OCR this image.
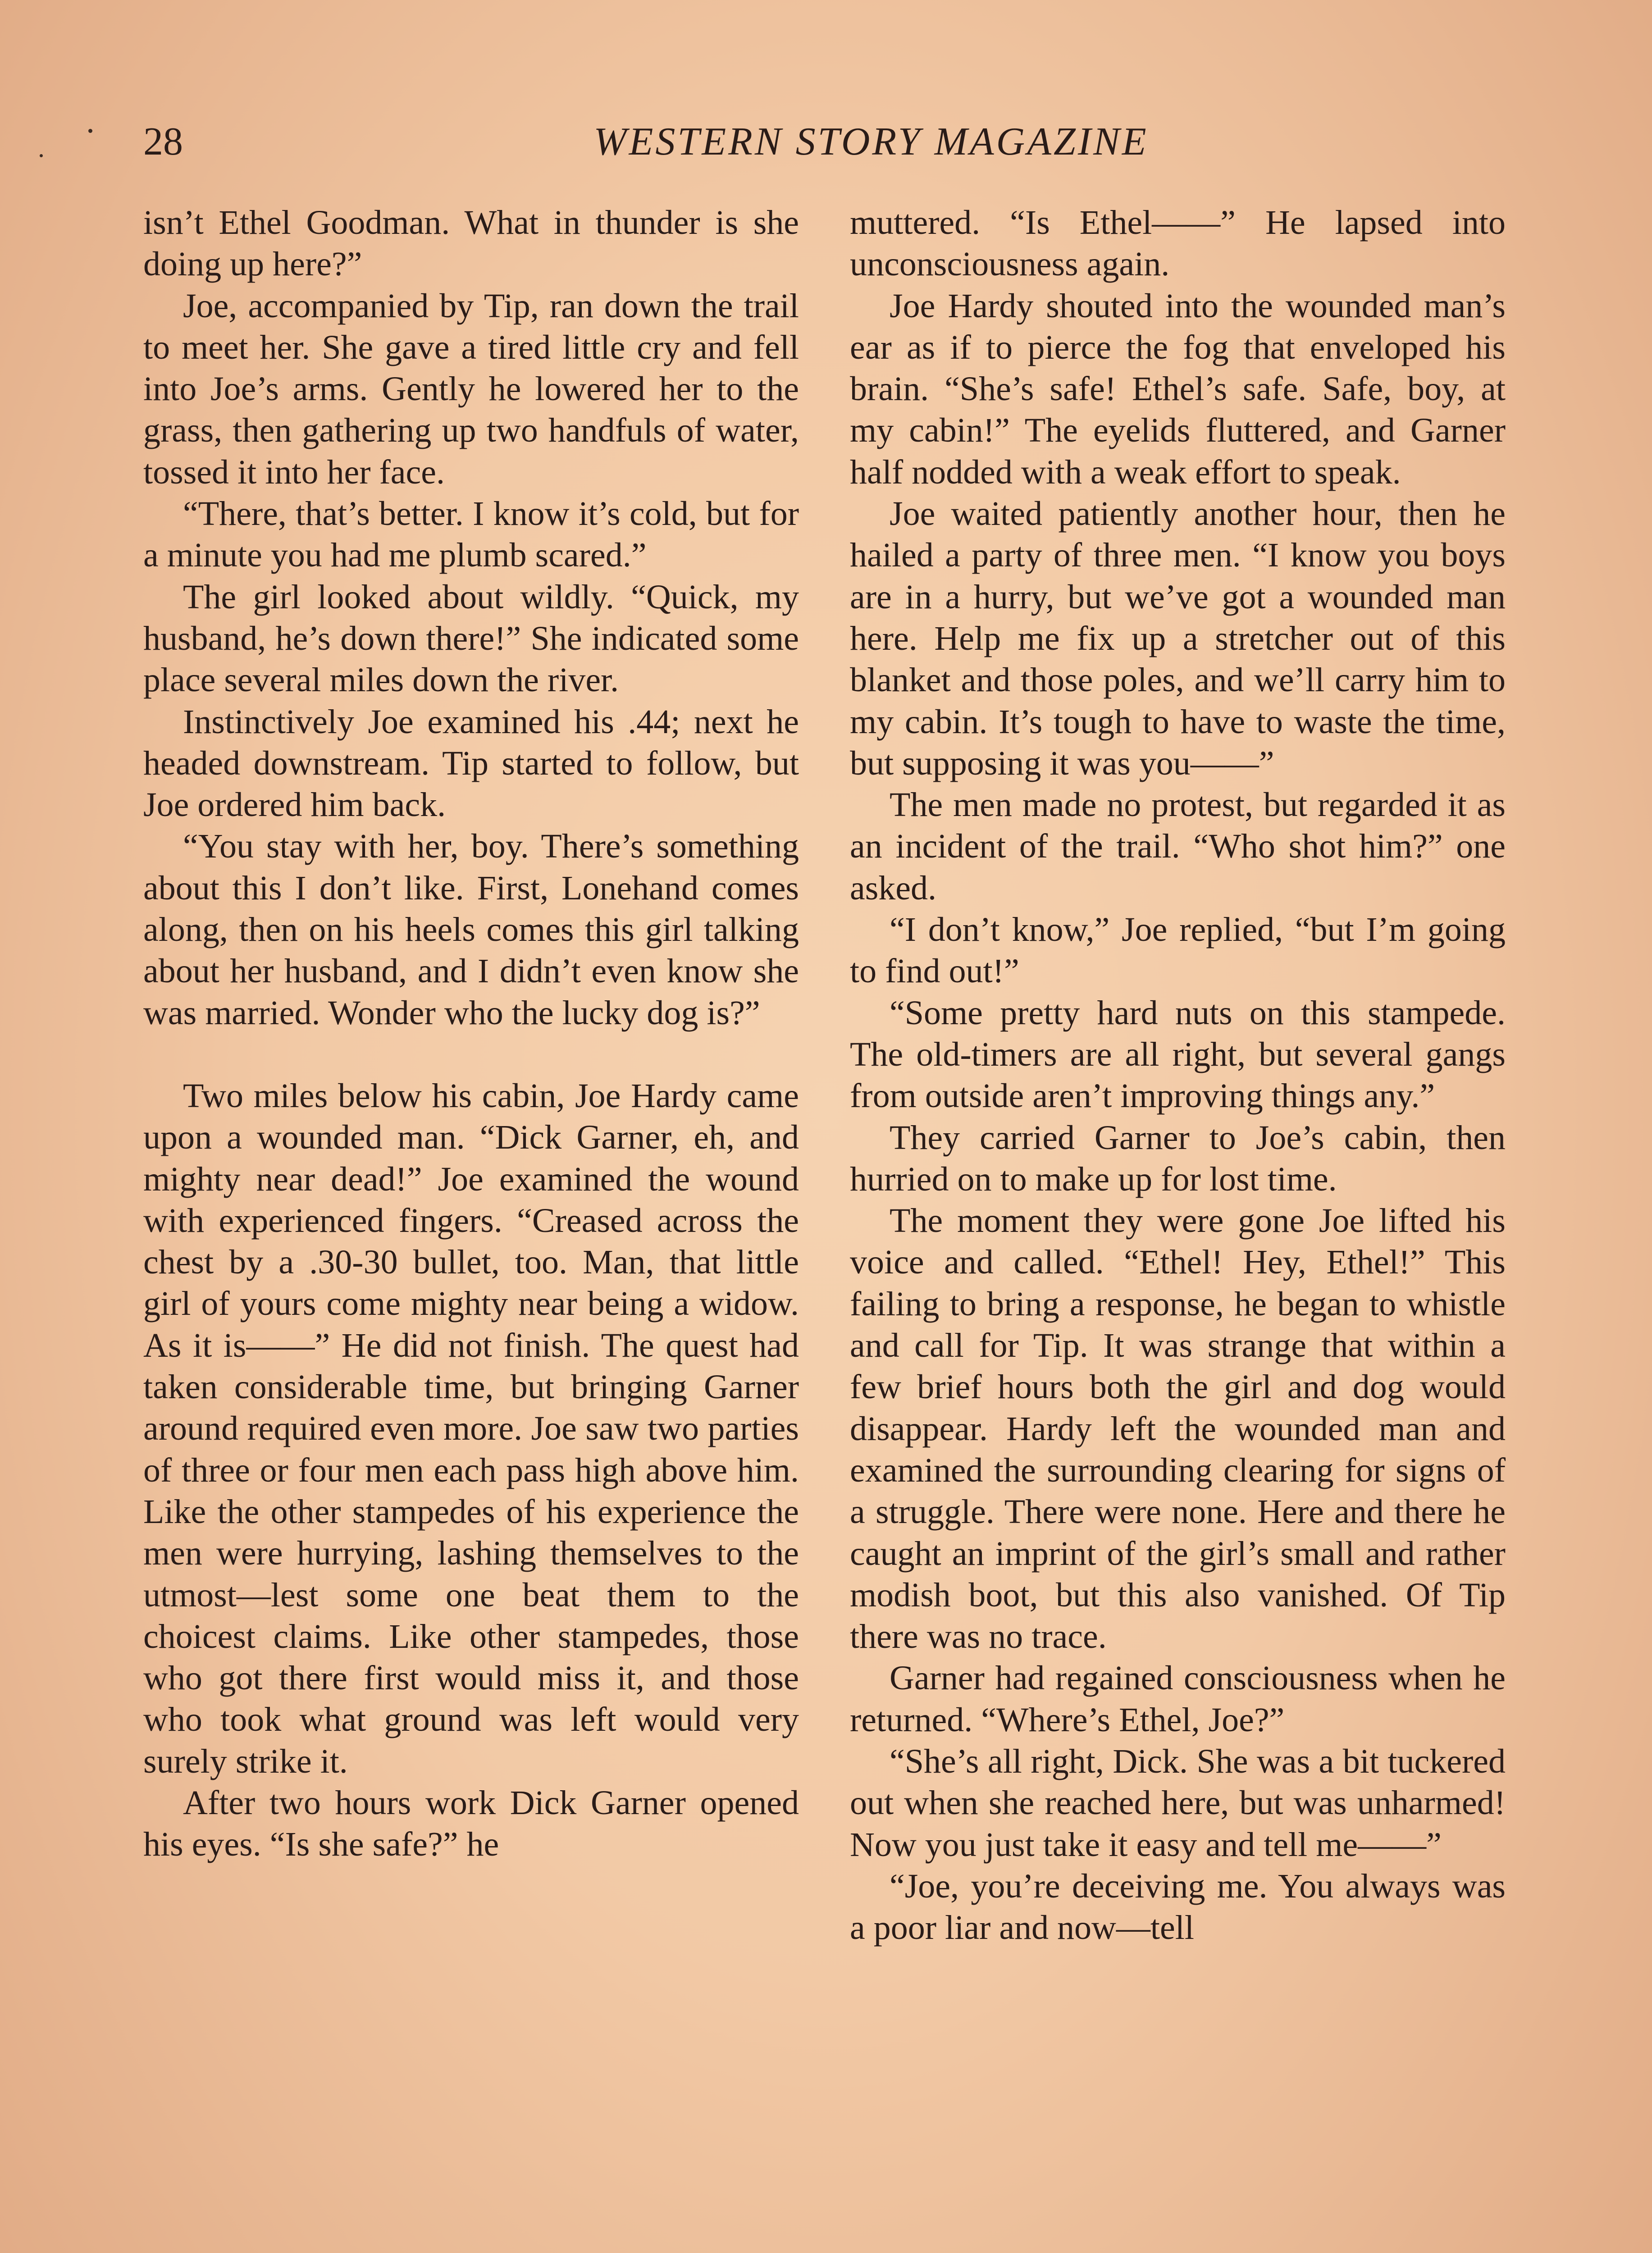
28	WESTERN STORY MAGAZINE

isn’t Ethel Goodman. What in thunder is she doing up here?”

Joe, accompanied by Tip, ran down the trail to meet her. She gave a tired little cry and fell into Joe’s arms. Gently he lowered her to the grass, then gathering up two handfuls of water, tossed it into her face.

“There, that’s better. I know it’s cold, but for a minute you had me plumb scared.”

The girl looked about wildly. “Quick, my husband, he’s down there!” She indicated some place several miles down the river.

Instinctively Joe examined his .44; next he headed downstream. Tip started to follow, but Joe ordered him back.

“You stay with her, boy. There’s something about this I don’t like. First, Lonehand comes along, then on his heels comes this girl talking about her husband, and I didn’t even know she was married. Wonder who the lucky dog is?”

Two miles below his cabin, Joe Hardy came upon a wounded man. “Dick Garner, eh, and mighty near dead!” Joe examined the wound with experienced fingers. “Creased across the chest by a .30-30 bullet, too. Man, that little girl of yours come mighty near being a widow. As it is——” He did not finish. The quest had taken considerable time, but bringing Garner around required even more. Joe saw two parties of three or four men each pass high above him. Like the other stampedes of his experience the men were hurrying, lashing themselves to the utmost—lest some one beat them to the choicest claims. Like other stampedes, those who got there first would miss it, and those who took what ground was left would very surely strike it.

After two hours work Dick Garner opened his eyes. “Is she safe?” he

muttered. “Is Ethel——” He lapsed into unconsciousness again.

Joe Hardy shouted into the wounded man’s ear as if to pierce the fog that enveloped his brain. “She’s safe! Ethel’s safe. Safe, boy, at my cabin!” The eyelids fluttered, and Garner half nodded with a weak effort to speak.

Joe waited patiently another hour, then he hailed a party of three men. “I know you boys are in a hurry, but we’ve got a wounded man here. Help me fix up a stretcher out of this blanket and those poles, and we’ll carry him to my cabin. It’s tough to have to waste the time, but supposing it was you——”

The men made no protest, but regarded it as an incident of the trail. “Who shot him?” one asked.

“I don’t know,” Joe replied, “but I’m going to find out!”

“Some pretty hard nuts on this stampede. The old-timers are all right, but several gangs from outside aren’t improving things any.”

They carried Garner to Joe’s cabin, then hurried on to make up for lost time.

The moment they were gone Joe lifted his voice and called. “Ethel! Hey, Ethel!” This failing to bring a response, he began to whistle and call for Tip. It was strange that within a few brief hours both the girl and dog would disappear. Hardy left the wounded man and examined the surrounding clearing for signs of a struggle. There were none. Here and there he caught an imprint of the girl’s small and rather modish boot, but this also vanished. Of Tip there was no trace.

Garner had regained consciousness when he returned. “Where’s Ethel, Joe?”

“She’s all right, Dick. She was a bit tuckered out when she reached here, but was unharmed! Now you just take it easy and tell me——”

“Joe, you’re deceiving me. You always was a poor liar and now—tell
